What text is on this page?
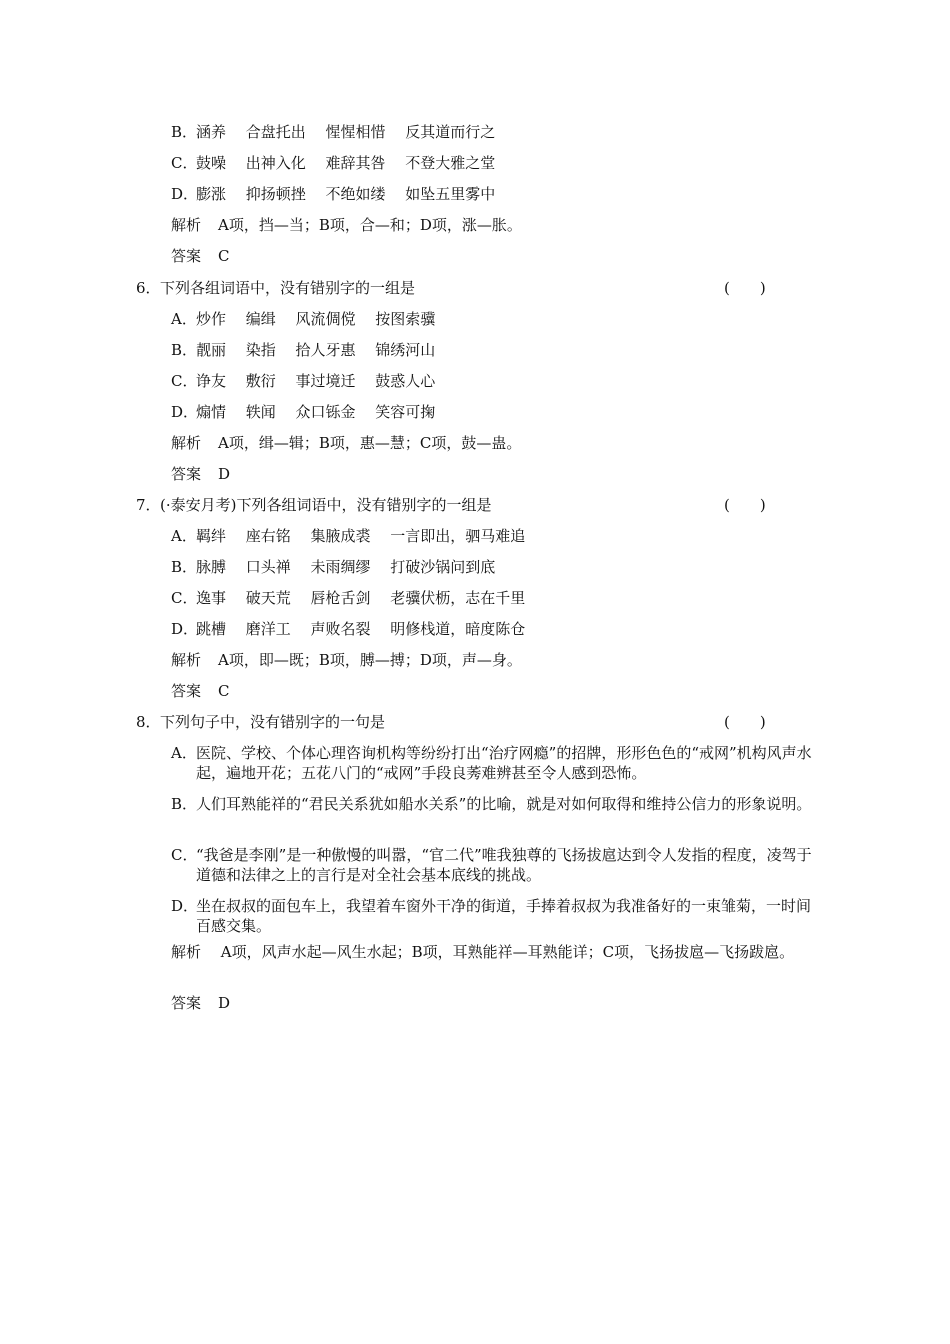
B．
涵养　 合盘托出　 惺惺相惜　 反其道而行之
C．
鼓噪　 出神入化　 难辞其咎　 不登大雅之堂
D．
膨涨　 抑扬顿挫　 不绝如缕　 如坠五里雾中
解析 A项，挡—当；B项，合—和；D项，涨—胀。
答案 C
6． 下列各组词语中，没有错别字的一组是	(　　)
A． 炒作　 编缉　 风流倜傥　 按图索骥
B．
靓丽　 染指　 拾人牙惠　 锦绣河山
C．
诤友　 敷衍　 事过境迁　 鼓惑人心
D．
煽情　 轶闻　 众口铄金　 笑容可掬
解析 A项，缉—辑；B项，惠—慧；C项，鼓—蛊。
答案 D
7． (·泰安月考)下列各组词语中，没有错别字的一组是	(　　)
A． 羁绊　 座右铭　 集腋成裘　 一言即出，驷马难追
B．
脉膊　 口头禅　 未雨绸缪　 打破沙锅问到底
C．
逸事　 破天荒　 唇枪舌剑　 老骥伏枥，志在千里
D．
跳槽　 磨洋工　 声败名裂　 明修栈道，暗度陈仓
解析 A项，即—既；B项，膊—搏；D项，声—身。
答案 C
8． 下列句子中，没有错别字的一句是	(　　)
A． 医院、学校、个体心理咨询机构等纷纷打出“治疗网瘾”的招牌，形形色色的“戒网”机构风声水起，遍地开花；五花八门的“戒网”手段良莠难辨甚至令人感到恐怖。
B．
人们耳熟能祥的“君民关系犹如船水关系”的比喻，就是对如何取得和维持公信力的形象说明。
C．
“我爸是李刚”是一种傲慢的叫嚣，“官二代”唯我独尊的飞扬拔扈达到令人发指的程度，凌驾于道德和法律之上的言行是对全社会基本底线的挑战。
D．
坐在叔叔的面包车上，我望着车窗外干净的街道，手捧着叔叔为我准备好的一束雏菊，一时间百感交集。
解析　 A项，风声水起—风生水起；B项，耳熟能祥—耳熟能详；C项，飞扬拔扈—飞扬跋扈。
答案 D
